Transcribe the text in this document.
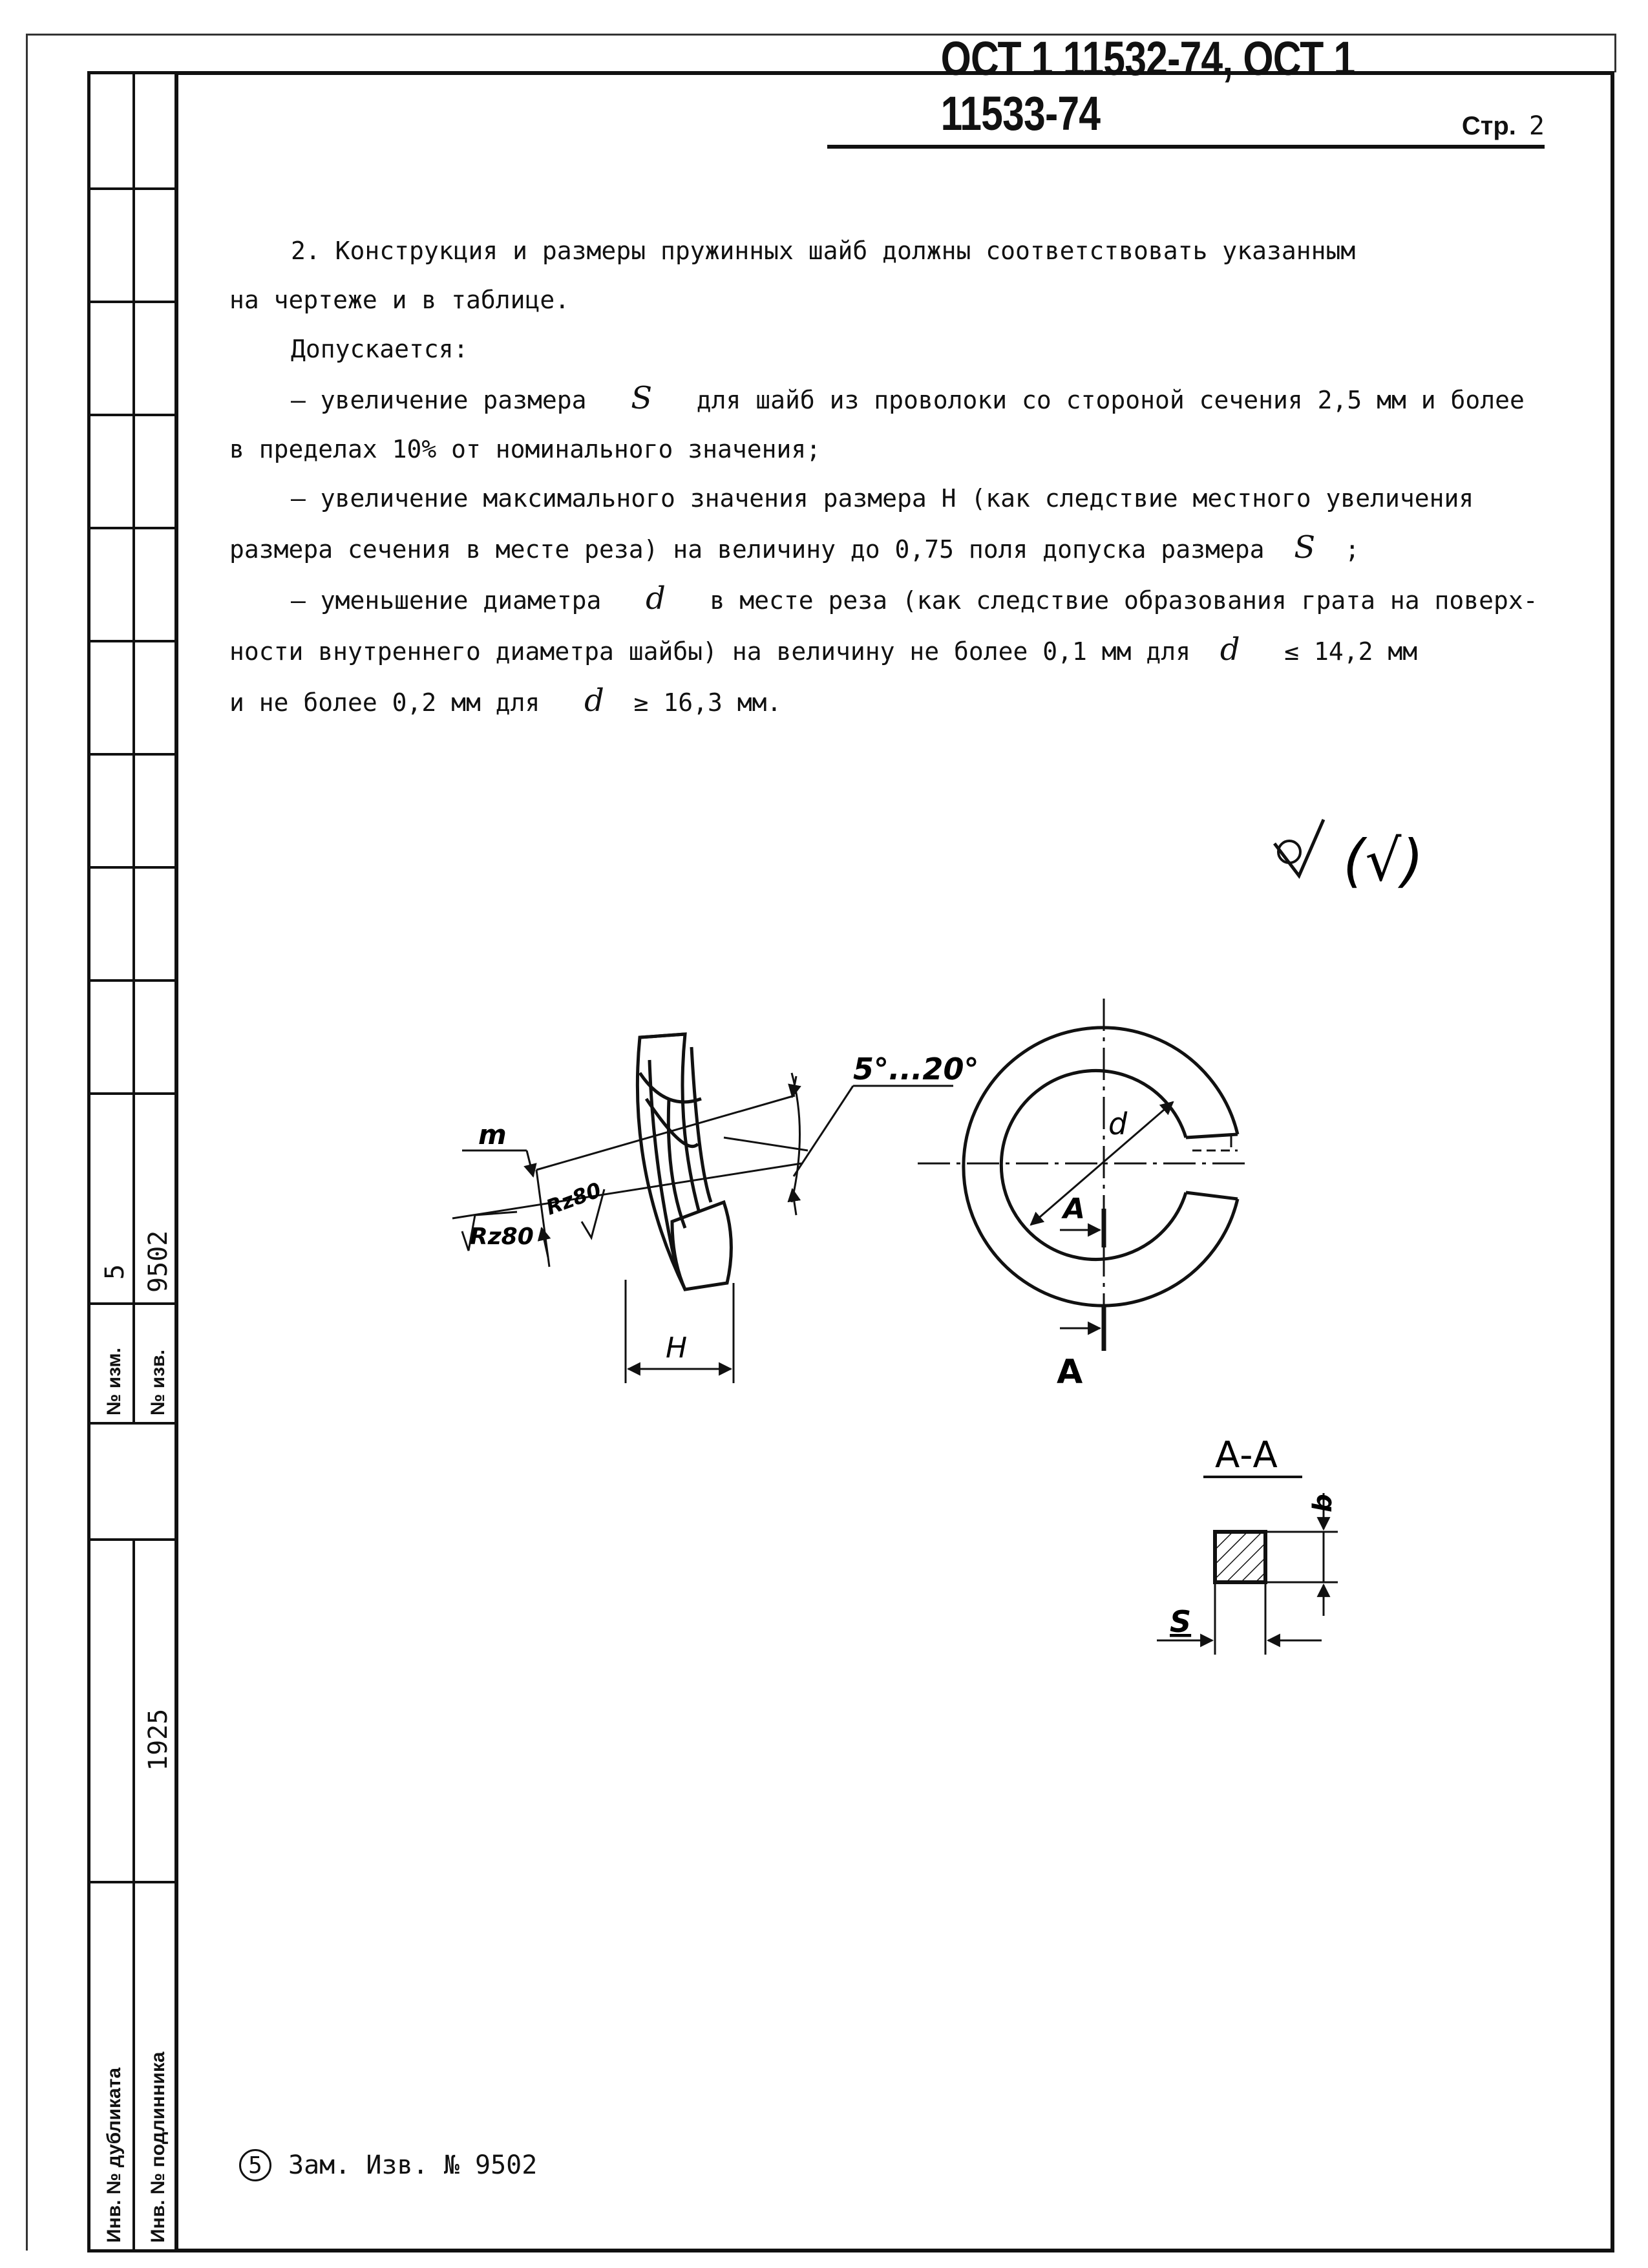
5 9502
№ изм. № изв.
1925
Инв. № дубликата Инв. № подлинника
ОСТ 1 11532-74, ОСТ 1 11533-74	Стр. 2

2. Конструкция и размеры пружинных шайб должны соответствовать указанным

на чертеже и в таблице.

Допускается:

– увеличение размера S для шайб из проволоки со стороной сечения 2,5 мм и более

в пределах 10% от номинального значения;

– увеличение максимального значения размера Н (как следствие местного увеличения

размера сечения в месте реза) на величину до 0,75 поля допуска размера S ;

– уменьшение диаметра d в месте реза (как следствие образования грата на поверх-

ности внутреннего диаметра шайбы) на величину не более 0,1 мм для d ≤ 14,2 мм

и не более 0,2 мм для d ≥ 16,3 мм.

(√)
H
5°...20°
m
Rz80
Rz80
d
A
A
А-А
b
S
5	Зам. Изв. № 9502
